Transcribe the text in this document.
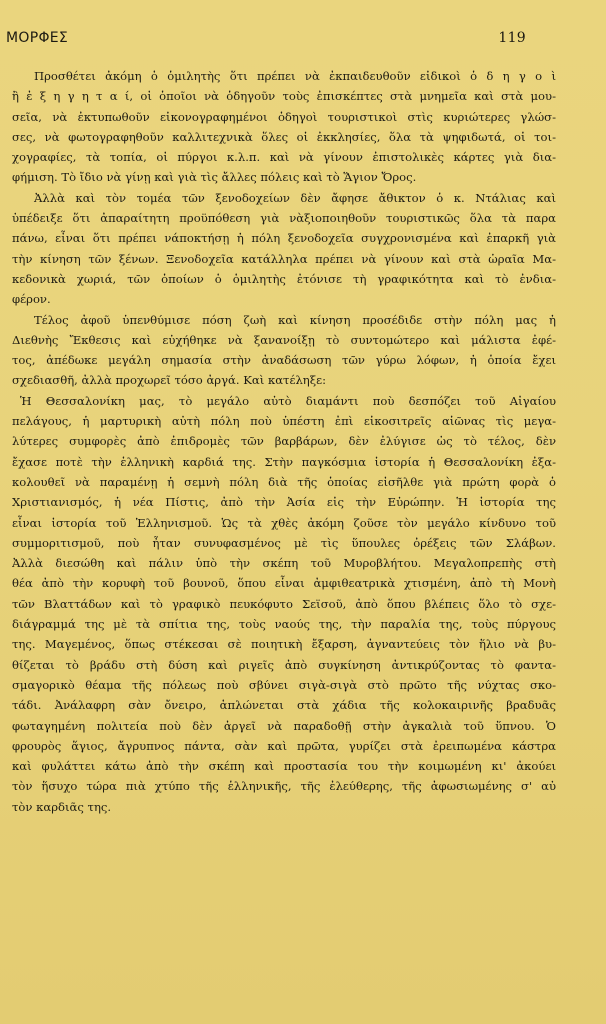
ΜΟΡΦΕΣ	119
Προσθέτει ἀκόμη ὁ ὁμιλητὴς ὅτι πρέπει νὰ ἐκπαιδευθοῦν εἰδικοὶ ὁ δ η γ ο ὶ
ἢ ἐ ξ η γ η τ α ί, οἱ ὁποῖοι νὰ ὁδηγοῦν τοὺς ἐπισκέπτες στὰ μνημεῖα καὶ στὰ μου-
σεῖα, νὰ ἐκτυπωθοῦν εἰκονογραφημένοι ὁδηγοὶ τουριστικοὶ στὶς κυριώτερες γλώσ-
σες, νὰ φωτογραφηθοῦν καλλιτεχνικὰ ὅλες οἱ ἐκκλησίες, ὅλα τὰ ψηφιδωτά, οἱ τοι-
χογραφίες, τὰ τοπία, οἱ πύργοι κ.λ.π. καὶ νὰ γίνουν ἐπιστολικὲς κάρτες γιὰ δια-
φήμιση. Τὸ ἴδιο νὰ γίνῃ καὶ γιὰ τὶς ἄλλες πόλεις καὶ τὸ Ἅγιον Ὄρος.
Ἀλλὰ καὶ τὸν τομέα τῶν ξενοδοχείων δὲν ἄφησε ἄθικτον ὁ κ. Ντάλιας καὶ
ὑπέδειξε ὅτι ἀπαραίτητη προϋπόθεση γιὰ νὰξιοποιηθοῦν τουριστικῶς ὅλα τὰ παρα
πάνω, εἶναι ὅτι πρέπει νάποκτήσῃ ἡ πόλη ξενοδοχεῖα συγχρονισμένα καὶ ἐπαρκῆ γιὰ
τὴν κίνηση τῶν ξένων. Ξενοδοχεῖα κατάλληλα πρέπει νὰ γίνουν καὶ στὰ ὡραῖα Μα-
κεδονικὰ χωριά, τῶν ὁποίων ὁ ὁμιλητὴς ἐτόνισε τὴ γραφικότητα καὶ τὸ ἐνδια-
φέρον.
Τέλος ἀφοῦ ὑπενθύμισε πόση ζωὴ καὶ κίνηση προσέδιδε στὴν πόλη μας ἡ
Διεθνὴς Ἔκθεσις καὶ εὐχήθηκε νὰ ξανανοίξῃ τὸ συντομώτερο καὶ μάλιστα ἐφέ-
τος, ἀπέδωκε μεγάλη σημασία στὴν ἀναδάσωση τῶν γύρω λόφων, ἡ ὁποία ἔχει
σχεδιασθῆ, ἀλλὰ προχωρεῖ τόσο ἀργά. Καὶ κατέληξε:
Ἡ Θεσσαλονίκη μας, τὸ μεγάλο αὐτὸ διαμάντι ποὺ δεσπόζει τοῦ Αἰγαίου
πελάγους, ἡ μαρτυρικὴ αὐτὴ πόλη ποὺ ὑπέστη ἐπὶ εἰκοσιτρεῖς αἰῶνας τὶς μεγα-
λύτερες συμφορὲς ἀπὸ ἐπιδρομὲς τῶν βαρβάρων, δὲν ἐλύγισε ὡς τὸ τέλος, δὲν
ἔχασε ποτὲ τὴν ἑλληνικὴ καρδιά της. Στὴν παγκόσμια ἱστορία ἡ Θεσσαλονίκη ἐξα-
κολουθεῖ νὰ παραμένῃ ἡ σεμνὴ πόλη διὰ τῆς ὁποίας εἰσῆλθε γιὰ πρώτη φορὰ ὁ
Χριστιανισμός, ἡ νέα Πίστις, ἀπὸ τὴν Ἀσία εἰς τὴν Εὐρώπην. Ἡ ἱστορία της
εἶναι ἱστορία τοῦ Ἑλληνισμοῦ. Ὡς τὰ χθὲς ἀκόμη ζοῦσε τὸν μεγάλο κίνδυνο τοῦ
συμμοριτισμοῦ, ποὺ ἦταν συνυφασμένος μὲ τὶς ὕπουλες ὀρέξεις τῶν Σλάβων.
Ἀλλὰ διεσώθη καὶ πάλιν ὑπὸ τὴν σκέπη τοῦ Μυροβλήτου. Μεγαλοπρεπὴς στὴ
θέα ἀπὸ τὴν κορυφὴ τοῦ βουνοῦ, ὅπου εἶναι ἀμφιθεατρικὰ χτισμένη, ἀπὸ τὴ Μονὴ
τῶν Βλαττάδων καὶ τὸ γραφικὸ πευκόφυτο Σεϊσοῦ, ἀπὸ ὅπου βλέπεις ὅλο τὸ σχε-
διάγραμμά της μὲ τὰ σπίτια της, τοὺς ναούς της, τὴν παραλία της, τοὺς πύργους
της. Μαγεμένος, ὅπως στέκεσαι σὲ ποιητικὴ ἔξαρση, ἀγναντεύεις τὸν ἥλιο νὰ βυ-
θίζεται τὸ βράδυ στὴ δύση καὶ ριγεῖς ἀπὸ συγκίνηση ἀντικρύζοντας τὸ φαντα-
σμαγορικὸ θέαμα τῆς πόλεως ποὺ σβύνει σιγὰ-σιγὰ στὸ πρῶτο τῆς νύχτας σκο-
τάδι. Ἀνάλαφρη σὰν ὄνειρο, ἁπλώνεται στὰ χάδια τῆς κολοκαιρινῆς βραδυᾶς
φωταγημένη πολιτεία ποὺ δὲν ἀργεῖ νὰ παραδοθῇ στὴν ἀγκαλιὰ τοῦ ὕπνου. Ὁ
φρουρὸς ἅγιος, ἄγρυπνος πάντα, σὰν καὶ πρῶτα, γυρίζει στὰ ἐρειπωμένα κάστρα
καὶ φυλάττει κάτω ἀπὸ τὴν σκέπη καὶ προστασία του τὴν κοιμωμένη κι' ἀκούει
τὸν ἥσυχο τώρα πιὰ χτύπο τῆς ἑλληνικῆς, τῆς ἐλεύθερης, τῆς ἀφωσιωμένης σ' αὐ
τὸν καρδιᾶς της.
